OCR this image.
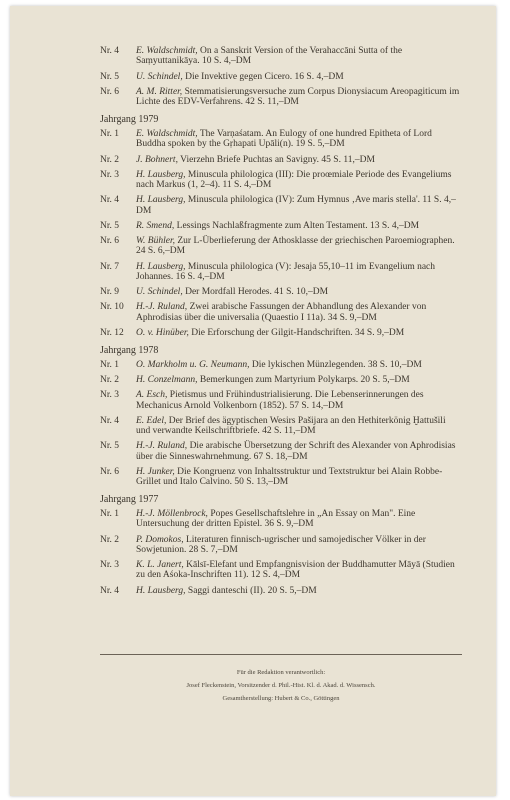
Nr. 4	E. Waldschmidt, On a Sanskrit Version of the Verahaccāni Sutta of the Saṃyuttanikāya. 10 S. 4,–DM
Nr. 5	U. Schindel, Die Invektive gegen Cicero. 16 S. 4,–DM
Nr. 6	A. M. Ritter, Stemmatisierungsversuche zum Corpus Dionysiacum Areopagiticum im Lichte des EDV-Verfahrens. 42 S. 11,–DM
Jahrgang 1979
Nr. 1	E. Waldschmidt, The Varṇaśatam. An Eulogy of one hundred Epitheta of Lord Buddha spoken by the Gṛhapati Upāli(n). 19 S. 5,–DM
Nr. 2	J. Bohnert, Vierzehn Briefe Puchtas an Savigny. 45 S. 11,–DM
Nr. 3	H. Lausberg, Minuscula philologica (III): Die proœmiale Periode des Evangeliums nach Markus (1, 2–4). 11 S. 4,–DM
Nr. 4	H. Lausberg, Minuscula philologica (IV): Zum Hymnus ‚Ave maris stella'. 11 S. 4,–DM
Nr. 5	R. Smend, Lessings Nachlaßfragmente zum Alten Testament. 13 S. 4,–DM
Nr. 6	W. Bühler, Zur L-Überlieferung der Athosklasse der griechischen Paroemiographen. 24 S. 6,–DM
Nr. 7	H. Lausberg, Minuscula philologica (V): Jesaja 55,10–11 im Evangelium nach Johannes. 16 S. 4,–DM
Nr. 9	U. Schindel, Der Mordfall Herodes. 41 S. 10,–DM
Nr. 10	H.-J. Ruland, Zwei arabische Fassungen der Abhandlung des Alexander von Aphrodisias über die universalia (Quaestio I 11a). 34 S. 9,–DM
Nr. 12	O. v. Hinüber, Die Erforschung der Gilgit-Handschriften. 34 S. 9,–DM
Jahrgang 1978
Nr. 1	O. Markholm u. G. Neumann, Die lykischen Münzlegenden. 38 S. 10,–DM
Nr. 2	H. Conzelmann, Bemerkungen zum Martyrium Polykarps. 20 S. 5,–DM
Nr. 3	A. Esch, Pietismus und Frühindustrialisierung. Die Lebenserinnerungen des Mechanicus Arnold Volkenborn (1852). 57 S. 14,–DM
Nr. 4	E. Edel, Der Brief des ägyptischen Wesirs Pašijara an den Hethiterkönig Ḫattušili und verwandte Keilschriftbriefe. 42 S. 11,–DM
Nr. 5	H.-J. Ruland, Die arabische Übersetzung der Schrift des Alexander von Aphrodisias über die Sinneswahrnehmung. 67 S. 18,–DM
Nr. 6	H. Junker, Die Kongruenz von Inhaltsstruktur und Textstruktur bei Alain Robbe-Grillet und Italo Calvino. 50 S. 13,–DM
Jahrgang 1977
Nr. 1	H.-J. Möllenbrock, Popes Gesellschaftslehre in „An Essay on Man". Eine Untersuchung der dritten Epistel. 36 S. 9,–DM
Nr. 2	P. Domokos, Literaturen finnisch-ugrischer und samojedischer Völker in der Sowjetunion. 28 S. 7,–DM
Nr. 3	K. L. Janert, Kālsī-Elefant und Empfangnisvision der Buddhamutter Māyā (Studien zu den Aśoka-Inschriften 11). 12 S. 4,–DM
Nr. 4	H. Lausberg, Saggi danteschi (II). 20 S. 5,–DM
Für die Redaktion verantwortlich:
Josef Fleckenstein, Vorsitzender d. Phil.-Hist. Kl. d. Akad. d. Wissensch.
Gesamtherstellung: Hubert & Co., Göttingen
